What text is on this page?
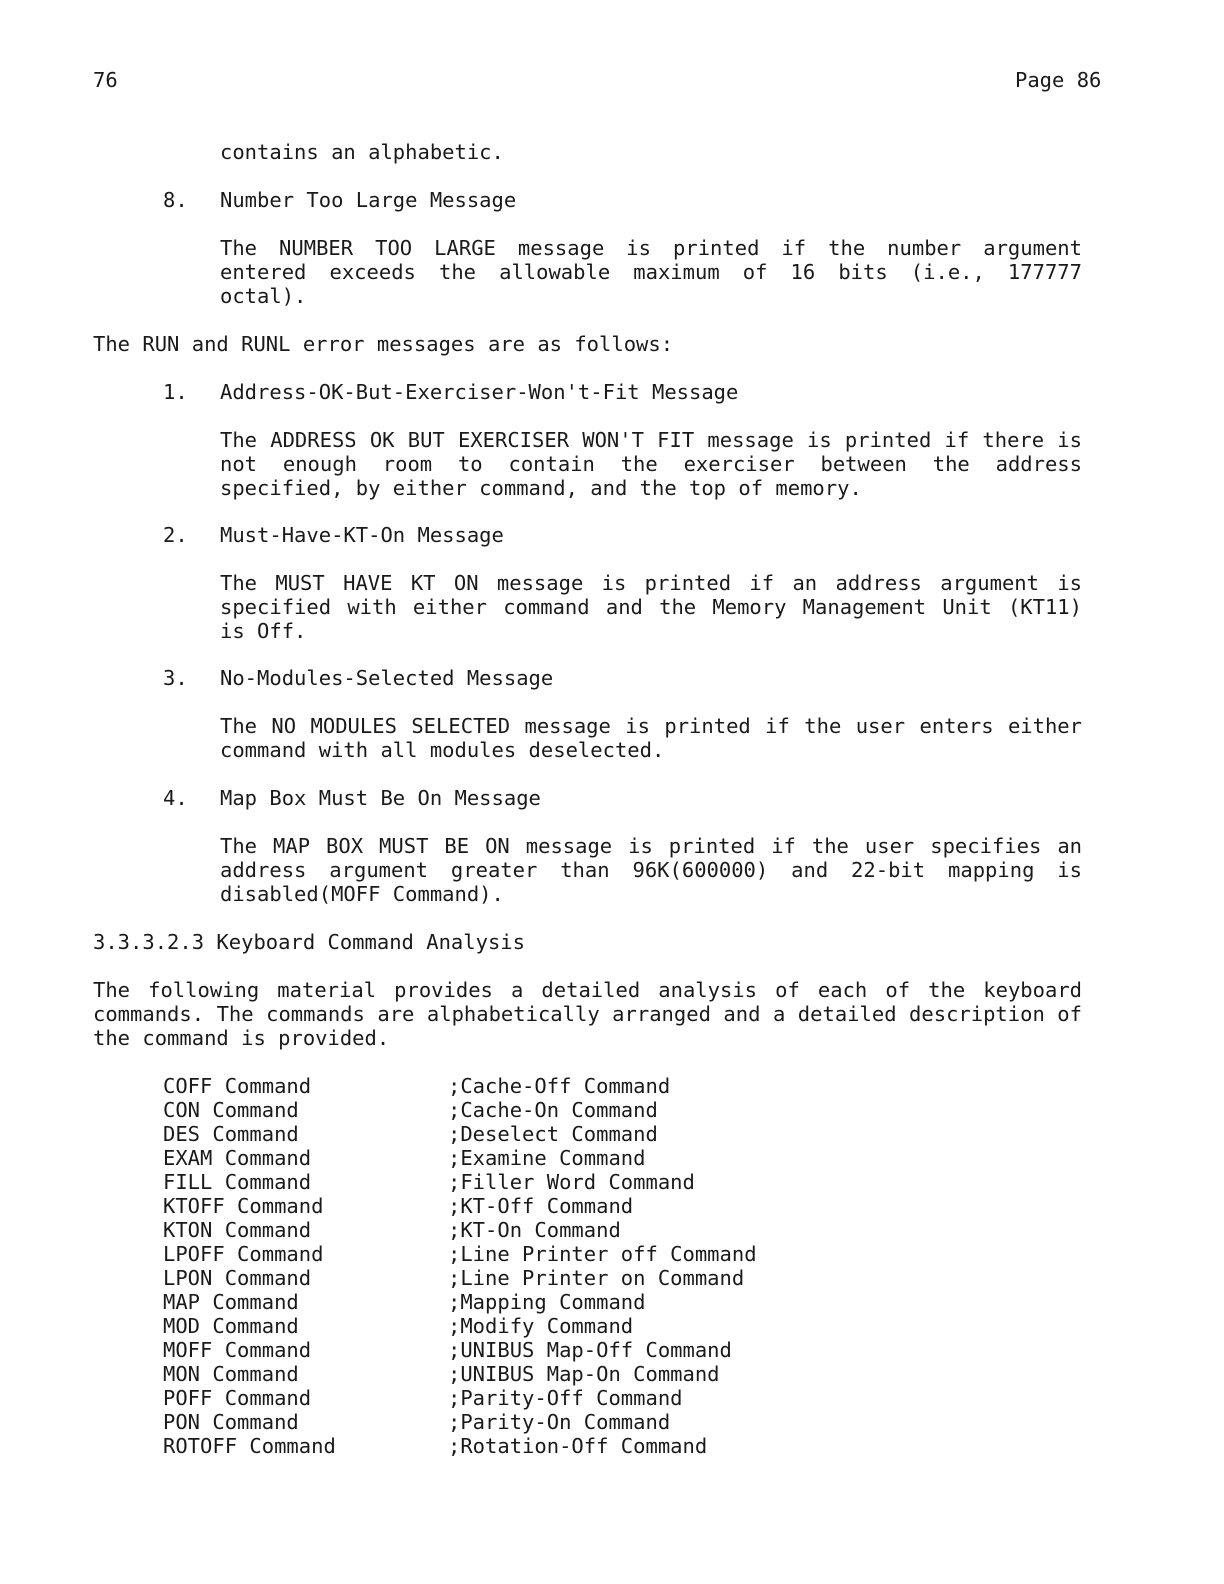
76	Page 86
contains an alphabetic.
8. Number Too Large Message
The NUMBER TOO LARGE message is printed if the number argument entered exceeds the allowable maximum of 16 bits (i.e., 177777 octal).
The RUN and RUNL error messages are as follows:
1. Address-OK-But-Exerciser-Won't-Fit Message
The ADDRESS OK BUT EXERCISER WON'T FIT message is printed if there is not enough room to contain the exerciser between the address specified, by either command, and the top of memory.
2. Must-Have-KT-On Message
The MUST HAVE KT ON message is printed if an address argument is specified with either command and the Memory Management Unit (KT11) is Off.
3. No-Modules-Selected Message
The NO MODULES SELECTED message is printed if the user enters either command with all modules deselected.
4. Map Box Must Be On Message
The MAP BOX MUST BE ON message is printed if the user specifies an address argument greater than 96K(600000) and 22-bit mapping is disabled(MOFF Command).
3.3.3.2.3 Keyboard Command Analysis
The following material provides a detailed analysis of each of the keyboard commands. The commands are alphabetically arranged and a detailed description of the command is provided.
COFF Command	;Cache-Off Command
CON Command	;Cache-On Command
DES Command	;Deselect Command
EXAM Command	;Examine Command
FILL Command	;Filler Word Command
KTOFF Command	;KT-Off Command
KTON Command	;KT-On Command
LPOFF Command	;Line Printer off Command
LPON Command	;Line Printer on Command
MAP Command	;Mapping Command
MOD Command	;Modify Command
MOFF Command	;UNIBUS Map-Off Command
MON Command	;UNIBUS Map-On Command
POFF Command	;Parity-Off Command
PON Command	;Parity-On Command
ROTOFF Command	;Rotation-Off Command
